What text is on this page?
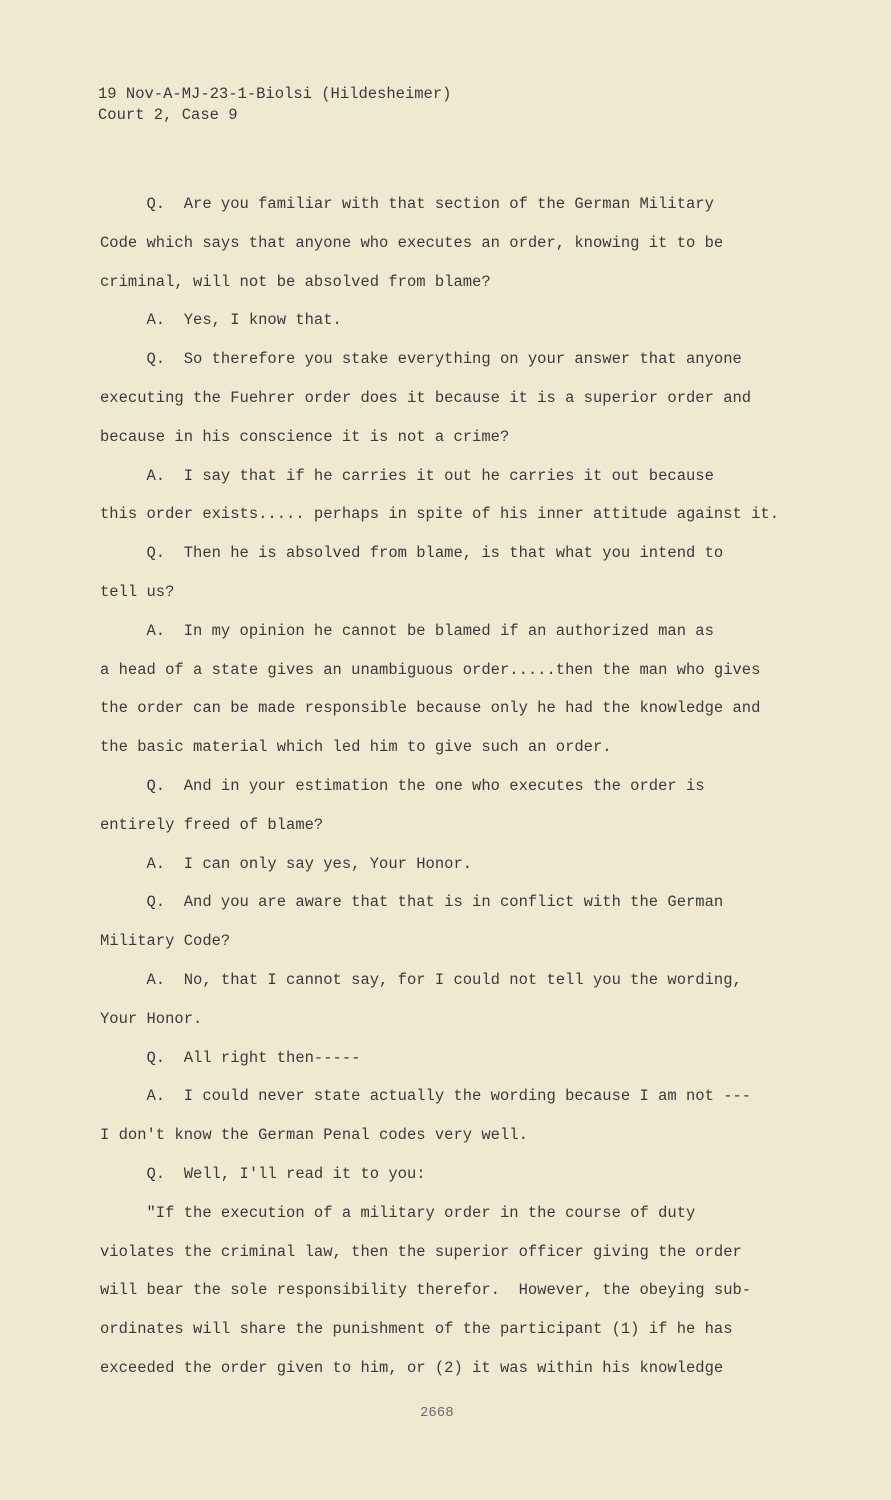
19 Nov-A-MJ-23-1-Biolsi (Hildesheimer)
Court 2, Case 9
Q.  Are you familiar with that section of the German Military
Code which says that anyone who executes an order, knowing it to be
criminal, will not be absolved from blame?
A.  Yes, I know that.
Q.  So therefore you stake everything on your answer that anyone
executing the Fuehrer order does it because it is a superior order and
because in his conscience it is not a crime?
A.  I say that if he carries it out he carries it out because
this order exists..... perhaps in spite of his inner attitude against it.
Q.  Then he is absolved from blame, is that what you intend to
tell us?
A.  In my opinion he cannot be blamed if an authorized man as
a head of a state gives an unambiguous order.....then the man who gives
the order can be made responsible because only he had the knowledge and
the basic material which led him to give such an order.
Q.  And in your estimation the one who executes the order is
entirely freed of blame?
A.  I can only say yes, Your Honor.
Q.  And you are aware that that is in conflict with the German
Military Code?
A.  No, that I cannot say, for I could not tell you the wording,
Your Honor.
Q.  All right then-----
A.  I could never state actually the wording because I am not ---
I don't know the German Penal codes very well.
Q.  Well, I'll read it to you:
"If the execution of a military order in the course of duty
violates the criminal law, then the superior officer giving the order
will bear the sole responsibility therefor.  However, the obeying sub-
ordinates will share the punishment of the participant (1) if he has
exceeded the order given to him, or (2) it was within his knowledge
2668
